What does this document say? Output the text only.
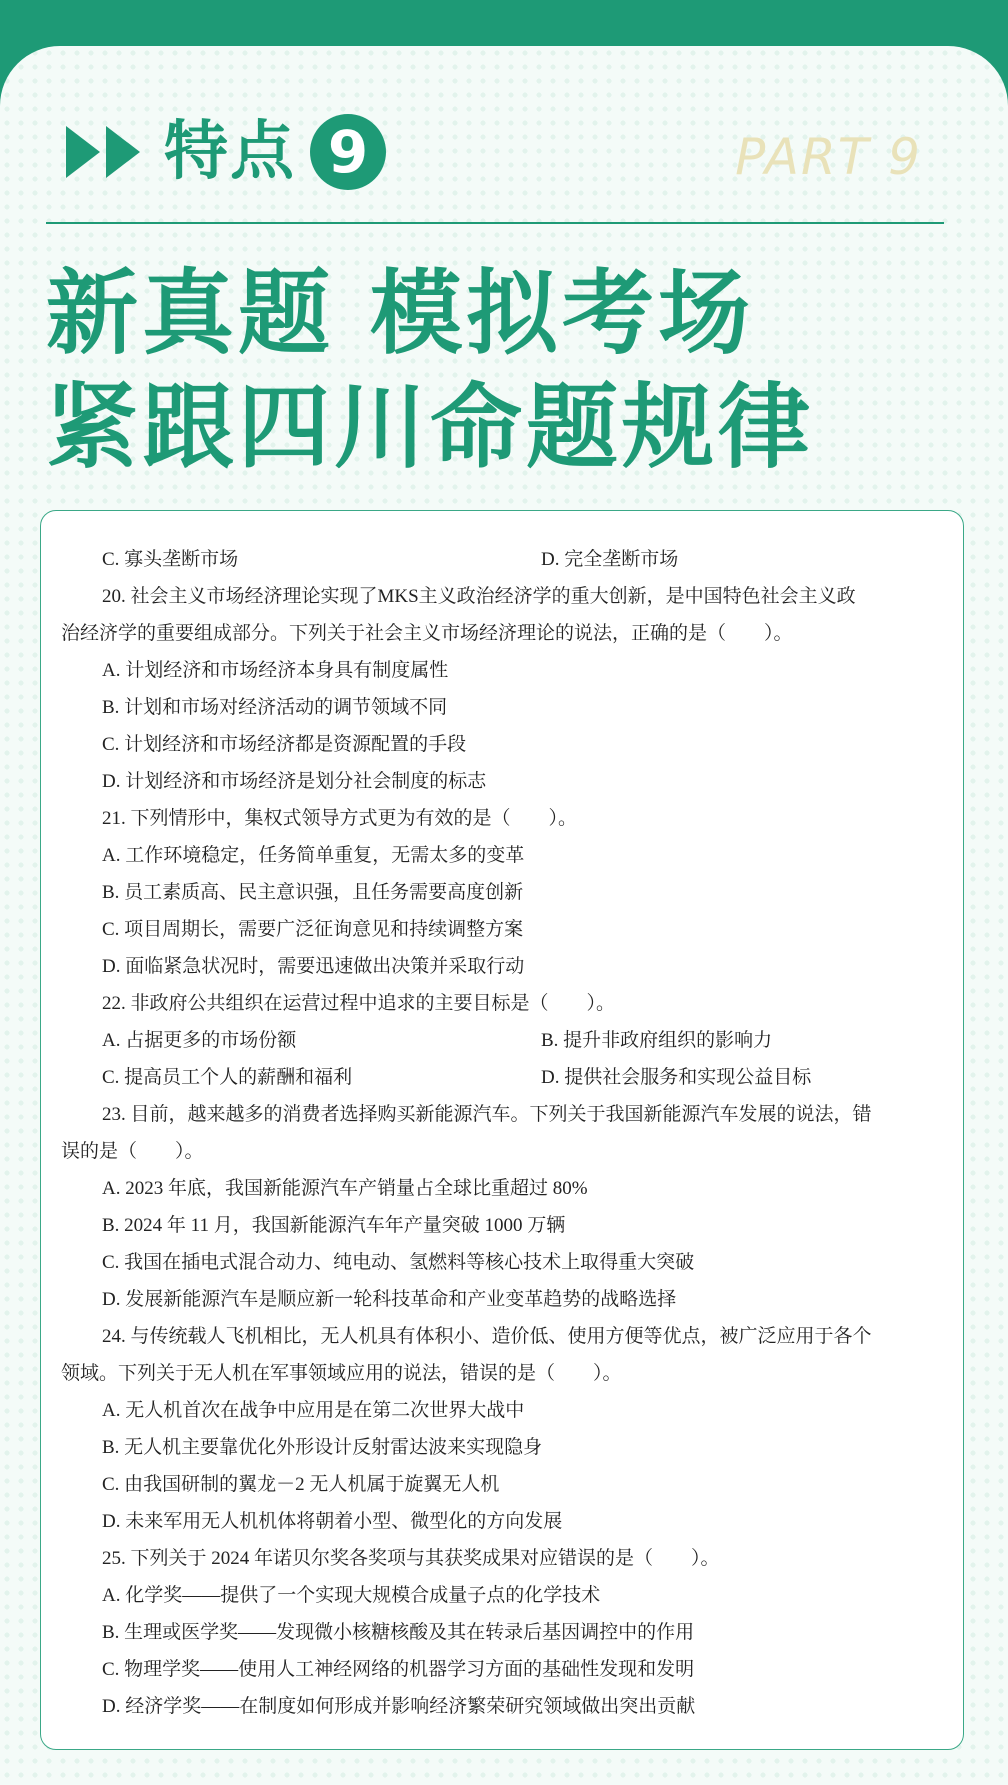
特点 9	PART 9
新真题 模拟考场
紧跟四川命题规律
C. 寡头垄断市场	D. 完全垄断市场
20. 社会主义市场经济理论实现了MKS主义政治经济学的重大创新，是中国特色社会主义政
治经济学的重要组成部分。下列关于社会主义市场经济理论的说法，正确的是（　　）。
A. 计划经济和市场经济本身具有制度属性
B. 计划和市场对经济活动的调节领域不同
C. 计划经济和市场经济都是资源配置的手段
D. 计划经济和市场经济是划分社会制度的标志
21. 下列情形中，集权式领导方式更为有效的是（　　）。
A. 工作环境稳定，任务简单重复，无需太多的变革
B. 员工素质高、民主意识强，且任务需要高度创新
C. 项目周期长，需要广泛征询意见和持续调整方案
D. 面临紧急状况时，需要迅速做出决策并采取行动
22. 非政府公共组织在运营过程中追求的主要目标是（　　）。
A. 占据更多的市场份额	B. 提升非政府组织的影响力
C. 提高员工个人的薪酬和福利	D. 提供社会服务和实现公益目标
23. 目前，越来越多的消费者选择购买新能源汽车。下列关于我国新能源汽车发展的说法，错
误的是（　　）。
A. 2023 年底，我国新能源汽车产销量占全球比重超过 80%
B. 2024 年 11 月，我国新能源汽车年产量突破 1000 万辆
C. 我国在插电式混合动力、纯电动、氢燃料等核心技术上取得重大突破
D. 发展新能源汽车是顺应新一轮科技革命和产业变革趋势的战略选择
24. 与传统载人飞机相比，无人机具有体积小、造价低、使用方便等优点，被广泛应用于各个
领域。下列关于无人机在军事领域应用的说法，错误的是（　　）。
A. 无人机首次在战争中应用是在第二次世界大战中
B. 无人机主要靠优化外形设计反射雷达波来实现隐身
C. 由我国研制的翼龙－2 无人机属于旋翼无人机
D. 未来军用无人机机体将朝着小型、微型化的方向发展
25. 下列关于 2024 年诺贝尔奖各奖项与其获奖成果对应错误的是（　　）。
A. 化学奖——提供了一个实现大规模合成量子点的化学技术
B. 生理或医学奖——发现微小核糖核酸及其在转录后基因调控中的作用
C. 物理学奖——使用人工神经网络的机器学习方面的基础性发现和发明
D. 经济学奖——在制度如何形成并影响经济繁荣研究领域做出突出贡献
